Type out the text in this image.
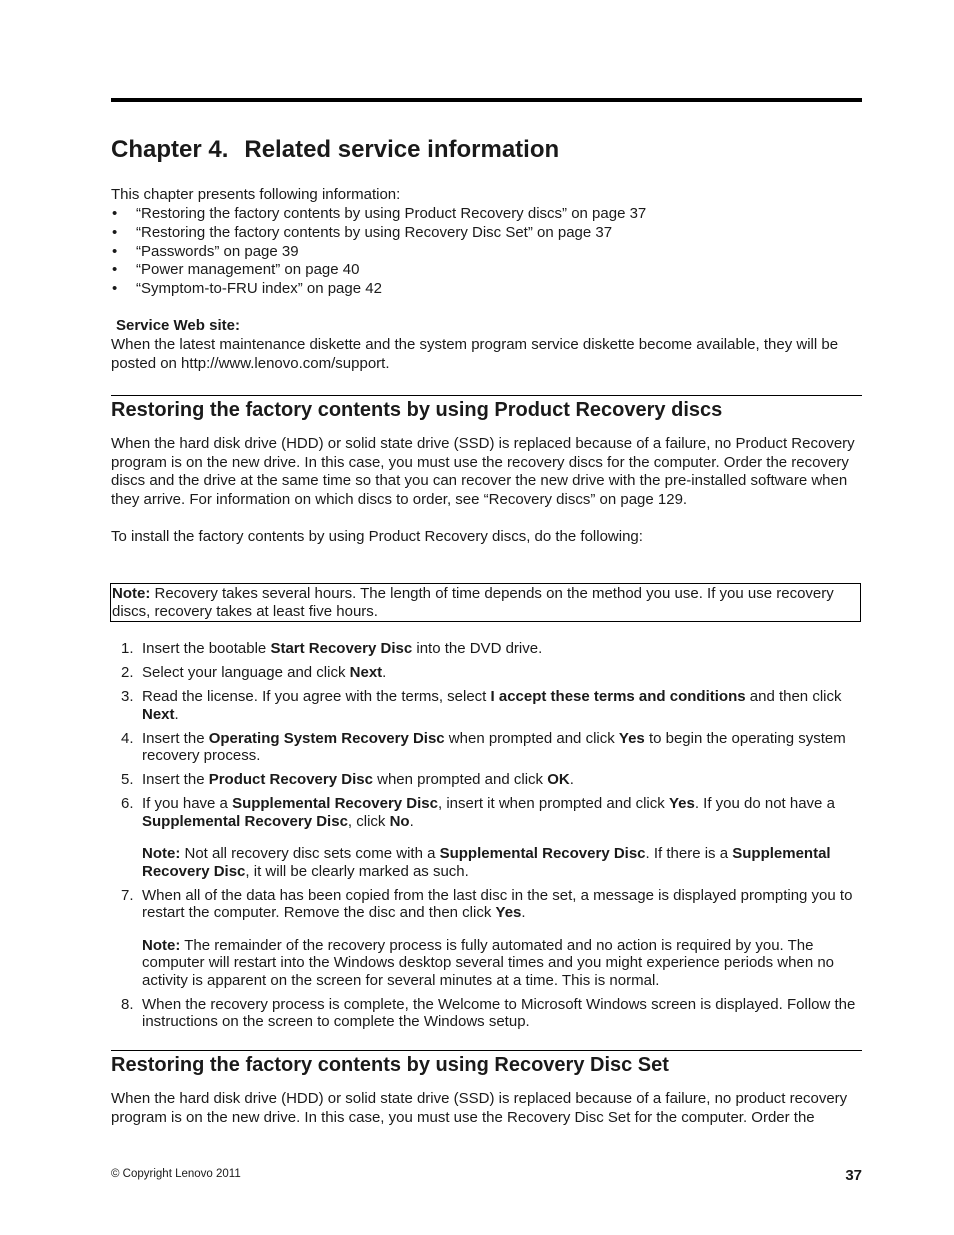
Chapter 4. Related service information
This chapter presents following information:
• “Restoring the factory contents by using Product Recovery discs” on page 37
• “Restoring the factory contents by using Recovery Disc Set” on page 37
• “Passwords” on page 39
• “Power management” on page 40
• “Symptom-to-FRU index” on page 42
Service Web site:
When the latest maintenance diskette and the system program service diskette become available, they will be posted on http://www.lenovo.com/support.
Restoring the factory contents by using Product Recovery discs
When the hard disk drive (HDD) or solid state drive (SSD) is replaced because of a failure, no Product Recovery program is on the new drive. In this case, you must use the recovery discs for the computer. Order the recovery discs and the drive at the same time so that you can recover the new drive with the pre-installed software when they arrive. For information on which discs to order, see “Recovery discs” on page 129.
To install the factory contents by using Product Recovery discs, do the following:
Note: Recovery takes several hours. The length of time depends on the method you use. If you use recovery discs, recovery takes at least five hours.
1. Insert the bootable Start Recovery Disc into the DVD drive.
2. Select your language and click Next.
3. Read the license. If you agree with the terms, select I accept these terms and conditions and then click Next.
4. Insert the Operating System Recovery Disc when prompted and click Yes to begin the operating system recovery process.
5. Insert the Product Recovery Disc when prompted and click OK.
6. If you have a Supplemental Recovery Disc, insert it when prompted and click Yes. If you do not have a Supplemental Recovery Disc, click No.
Note: Not all recovery disc sets come with a Supplemental Recovery Disc. If there is a Supplemental Recovery Disc, it will be clearly marked as such.
7. When all of the data has been copied from the last disc in the set, a message is displayed prompting you to restart the computer. Remove the disc and then click Yes.
Note: The remainder of the recovery process is fully automated and no action is required by you. The computer will restart into the Windows desktop several times and you might experience periods when no activity is apparent on the screen for several minutes at a time. This is normal.
8. When the recovery process is complete, the Welcome to Microsoft Windows screen is displayed. Follow the instructions on the screen to complete the Windows setup.
Restoring the factory contents by using Recovery Disc Set
When the hard disk drive (HDD) or solid state drive (SSD) is replaced because of a failure, no product recovery program is on the new drive. In this case, you must use the Recovery Disc Set for the computer. Order the
© Copyright Lenovo 2011	37
